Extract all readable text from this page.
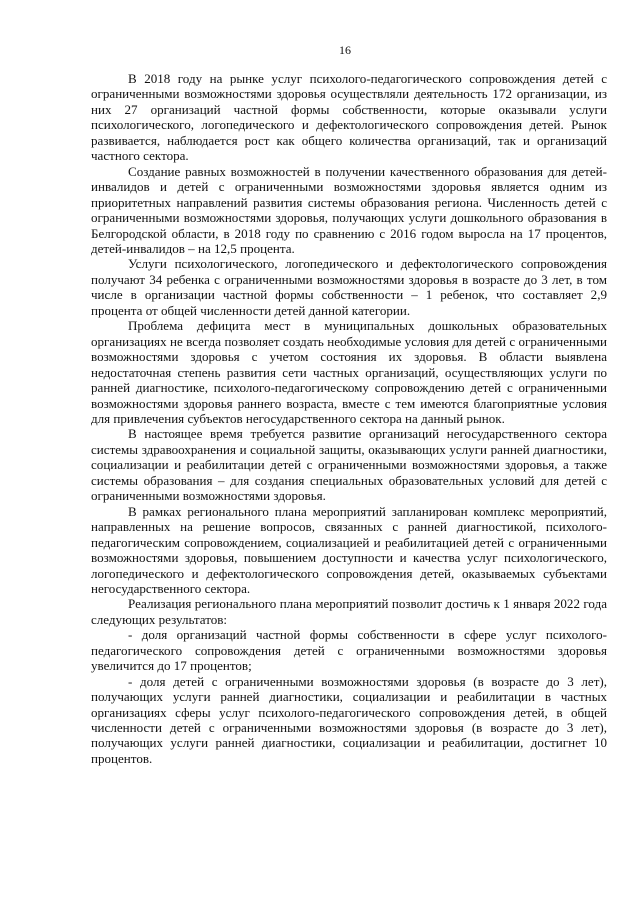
16

В 2018 году на рынке услуг психолого-педагогического сопровождения детей с ограниченными возможностями здоровья осуществляли деятельность 172 организации, из них 27 организаций частной формы собственности, которые оказывали услуги психологического, логопедического и дефектологического сопровождения детей. Рынок развивается, наблюдается рост как общего количества организаций, так и организаций частного сектора.

Создание равных возможностей в получении качественного образования для детей-инвалидов и детей с ограниченными возможностями здоровья является одним из приоритетных направлений развития системы образования региона. Численность детей с ограниченными возможностями здоровья, получающих услуги дошкольного образования в Белгородской области, в 2018 году по сравнению с 2016 годом выросла на 17 процентов, детей-инвалидов – на 12,5 процента.

Услуги психологического, логопедического и дефектологического сопровождения получают 34 ребенка с ограниченными возможностями здоровья в возрасте до 3 лет, в том числе в организации частной формы собственности – 1 ребенок, что составляет 2,9 процента от общей численности детей данной категории.

Проблема дефицита мест в муниципальных дошкольных образовательных организациях не всегда позволяет создать необходимые условия для детей с ограниченными возможностями здоровья с учетом состояния их здоровья. В области выявлена недостаточная степень развития сети частных организаций, осуществляющих услуги по ранней диагностике, психолого-педагогическому сопровождению детей с ограниченными возможностями здоровья раннего возраста, вместе с тем имеются благоприятные условия для привлечения субъектов негосударственного сектора на данный рынок.

В настоящее время требуется развитие организаций негосударственного сектора системы здравоохранения и социальной защиты, оказывающих услуги ранней диагностики, социализации и реабилитации детей с ограниченными возможностями здоровья, а также системы образования – для создания специальных образовательных условий для детей с ограниченными возможностями здоровья.

В рамках регионального плана мероприятий запланирован комплекс мероприятий, направленных на решение вопросов, связанных с ранней диагностикой, психолого-педагогическим сопровождением, социализацией и реабилитацией детей с ограниченными возможностями здоровья, повышением доступности и качества услуг психологического, логопедического и дефектологического сопровождения детей, оказываемых субъектами негосударственного сектора.

Реализация регионального плана мероприятий позволит достичь к 1 января 2022 года следующих результатов:

- доля организаций частной формы собственности в сфере услуг психолого-педагогического сопровождения детей с ограниченными возможностями здоровья увеличится до 17 процентов;

- доля детей с ограниченными возможностями здоровья (в возрасте до 3 лет), получающих услуги ранней диагностики, социализации и реабилитации в частных организациях сферы услуг психолого-педагогического сопровождения детей, в общей численности детей с ограниченными возможностями здоровья (в возрасте до 3 лет), получающих услуги ранней диагностики, социализации и реабилитации, достигнет 10 процентов.
